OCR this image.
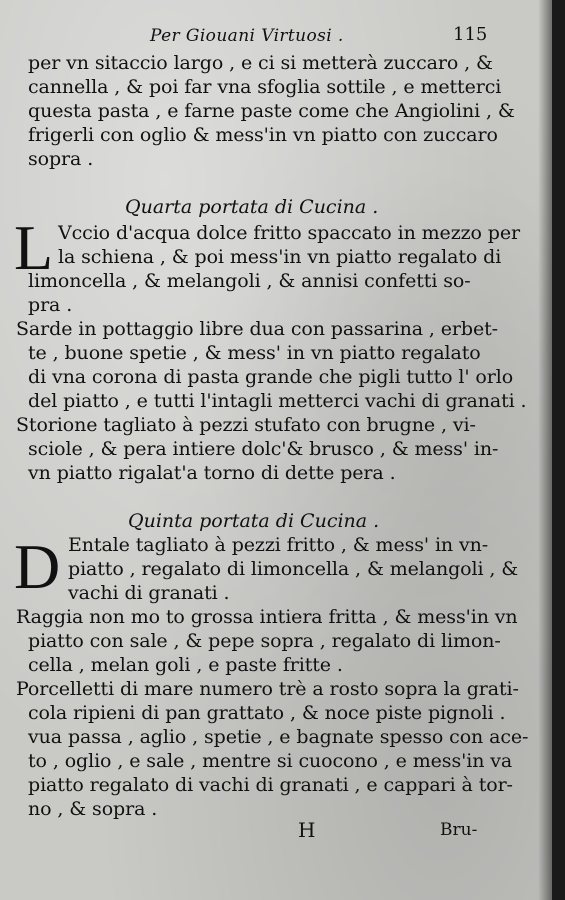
Per Giouani Virtuosi .	115
per vn sitaccio largo , e ci si metterà zuccaro , &
cannella , & poi far vna sfoglia sottile , e metterci
questa pasta , e farne paste come che Angiolini , &
frigerli con oglio & mess'in vn piatto con zuccaro
sopra .
Quarta portata di Cucina .
L Vccio d'acqua dolce fritto spaccato in mezzo per
la schiena , & poi mess'in vn piatto regalato di
limoncella , & melangoli , & annisi confetti so-
pra .
Sarde in pottaggio libre dua con passarina , erbet-
te , buone spetie , & mess' in vn piatto regalato
di vna corona di pasta grande che pigli tutto l' orlo
del piatto , e tutti l'intagli metterci vachi di granati .
Storione tagliato à pezzi stufato con brugne , vi-
sciole , & pera intiere dolc'& brusco , & mess' in-
vn piatto rigalat'a torno di dette pera .
Quinta portata di Cucina .
D Entale tagliato à pezzi fritto , & mess' in vn-
piatto , regalato di limoncella , & melangoli , &
vachi di granati .
Raggia non mo to grossa intiera fritta , & mess'in vn
piatto con sale , & pepe sopra , regalato di limon-
cella , melan goli , e paste fritte .
Porcelletti di mare numero trè a rosto sopra la grati-
cola ripieni di pan grattato , & noce piste pignoli .
vua passa , aglio , spetie , e bagnate spesso con ace-
to , oglio , e sale , mentre si cuocono , e mess'in va
piatto regalato di vachi di granati , e cappari à tor-
no , & sopra .
H	Bru-
